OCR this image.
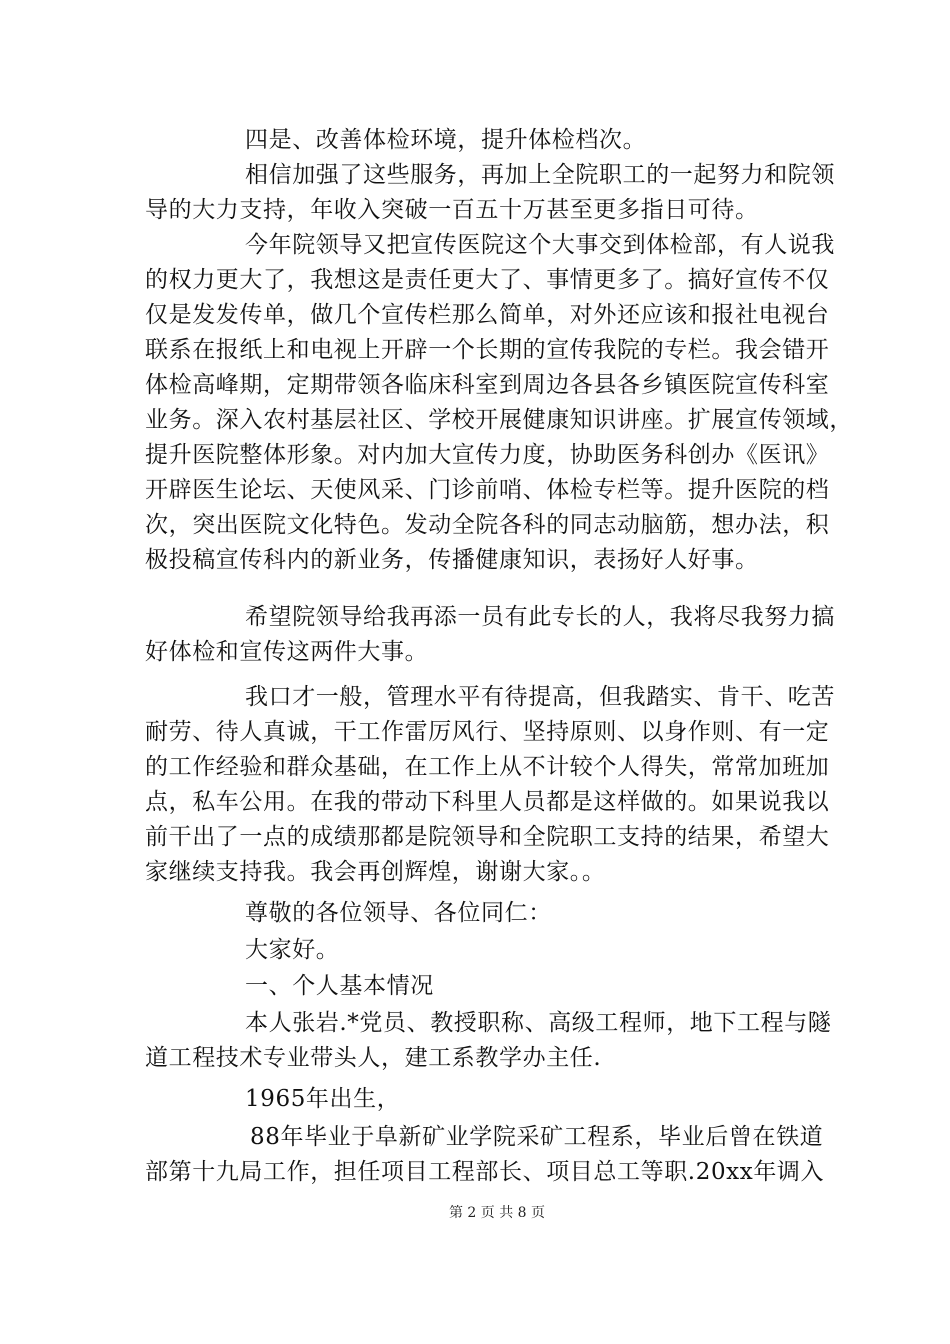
四是、改善体检环境，提升体检档次。
相信加强了这些服务，再加上全院职工的一起努力和院领
导的大力支持，年收入突破一百五十万甚至更多指日可待。
今年院领导又把宣传医院这个大事交到体检部，有人说我
的权力更大了，我想这是责任更大了、事情更多了。搞好宣传不仅
仅是发发传单，做几个宣传栏那么简单，对外还应该和报社电视台
联系在报纸上和电视上开辟一个长期的宣传我院的专栏。我会错开
体检高峰期，定期带领各临床科室到周边各县各乡镇医院宣传科室
业务。深入农村基层社区、学校开展健康知识讲座。扩展宣传领域，
提升医院整体形象。对内加大宣传力度，协助医务科创办《医讯》
开辟医生论坛、天使风采、门诊前哨、体检专栏等。提升医院的档
次，突出医院文化特色。发动全院各科的同志动脑筋，想办法，积
极投稿宣传科内的新业务，传播健康知识，表扬好人好事。
希望院领导给我再添一员有此专长的人，我将尽我努力搞
好体检和宣传这两件大事。
我口才一般，管理水平有待提高，但我踏实、肯干、吃苦
耐劳、待人真诚，干工作雷厉风行、坚持原则、以身作则、有一定
的工作经验和群众基础，在工作上从不计较个人得失，常常加班加
点，私车公用。在我的带动下科里人员都是这样做的。如果说我以
前干出了一点的成绩那都是院领导和全院职工支持的结果，希望大
家继续支持我。我会再创辉煌，谢谢大家。。
尊敬的各位领导、各位同仁：
大家好。
一、个人基本情况
本人张岩.*党员、教授职称、高级工程师，地下工程与隧
道工程技术专业带头人，建工系教学办主任.
1965年出生，
88年毕业于阜新矿业学院采矿工程系，毕业后曾在铁道
部第十九局工作，担任项目工程部长、项目总工等职.20xx年调入
第 2 页 共 8 页
